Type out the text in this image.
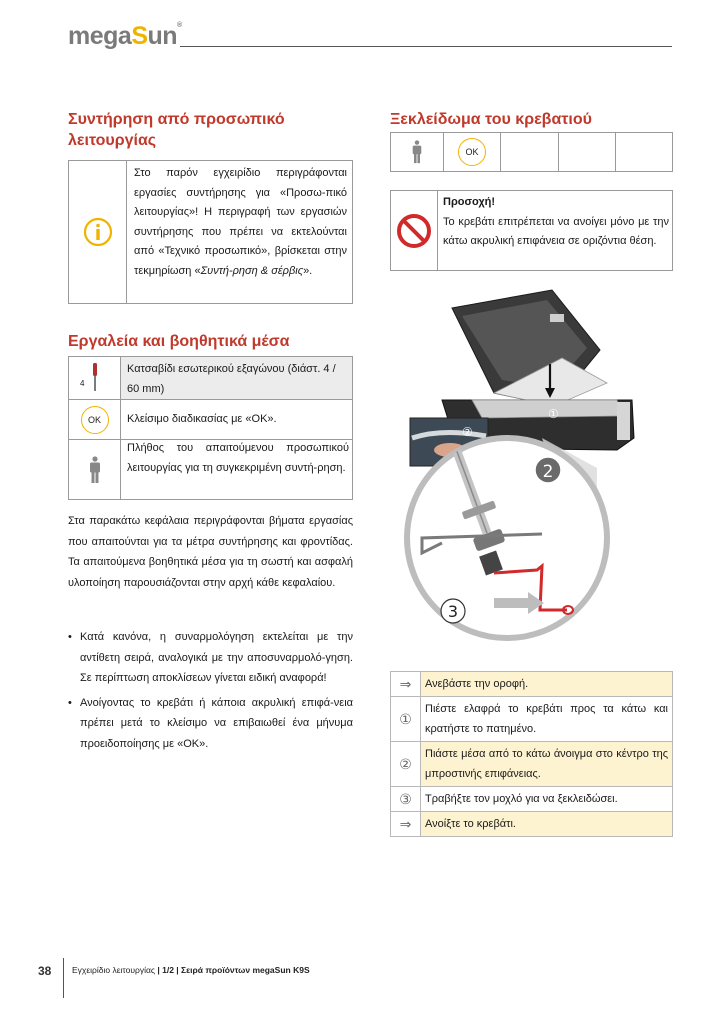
megaSun®
Συντήρηση από προσωπικό λειτουργίας
Στο παρόν εγχειρίδιο περιγράφονται εργασίες συντήρησης για «Προσω-πικό λειτουργίας»! Η περιγραφή των εργασιών συντήρησης που πρέπει να εκτελούνται από «Τεχνικό προσωπικό», βρίσκεται στην τεκμηρίωση «Συντή-ρηση & σέρβις».
Εργαλεία και βοηθητικά μέσα
4
Κατσαβίδι εσωτερικού εξαγώνου (διάστ. 4 / 60 mm)
OK	Κλείσιμο διαδικασίας με «OK».
Πλήθος του απαιτούμενου προσωπικού λειτουργίας για τη συγκεκριμένη συντή-ρηση.
Στα παρακάτω κεφάλαια περιγράφονται βήματα εργασίας που απαιτούνται για τα μέτρα συντήρησης και φροντίδας. Τα απαιτούμενα βοηθητικά μέσα για τη σωστή και ασφαλή υλοποίηση παρουσιάζονται στην αρχή κάθε κεφαλαίου.
• Κατά κανόνα, η συναρμολόγηση εκτελείται με την αντίθετη σειρά, αναλογικά με την αποσυναρμολό-γηση. Σε περίπτωση αποκλίσεων γίνεται ειδική αναφορά!
• Ανοίγοντας το κρεβάτι ή κάποια ακρυλική επιφά-νεια πρέπει μετά το κλείσιμο να επιβαιωθεί ένα μήνυμα προειδοποίησης με «OK».
Ξεκλείδωμα του κρεβατιού
OK
Προσοχή!
Το κρεβάτι επιτρέπεται να ανοίγει μόνο με την κάτω ακρυλική επιφάνεια σε οριζόντια θέση.
①
②
2
3
⇒	Ανεβάστε την οροφή.
①	Πιέστε ελαφρά το κρεβάτι προς τα κάτω και κρατήστε το πατημένο.
②	Πιάστε μέσα από το κάτω άνοιγμα στο κέντρο της μπροστινής επιφάνειας.
③	Τραβήξτε τον μοχλό για να ξεκλειδώσει.
⇒	Ανοίξτε το κρεβάτι.
38 Εγχειρίδιο λειτουργίας | 1/2 | Σειρά προϊόντων megaSun K9S
